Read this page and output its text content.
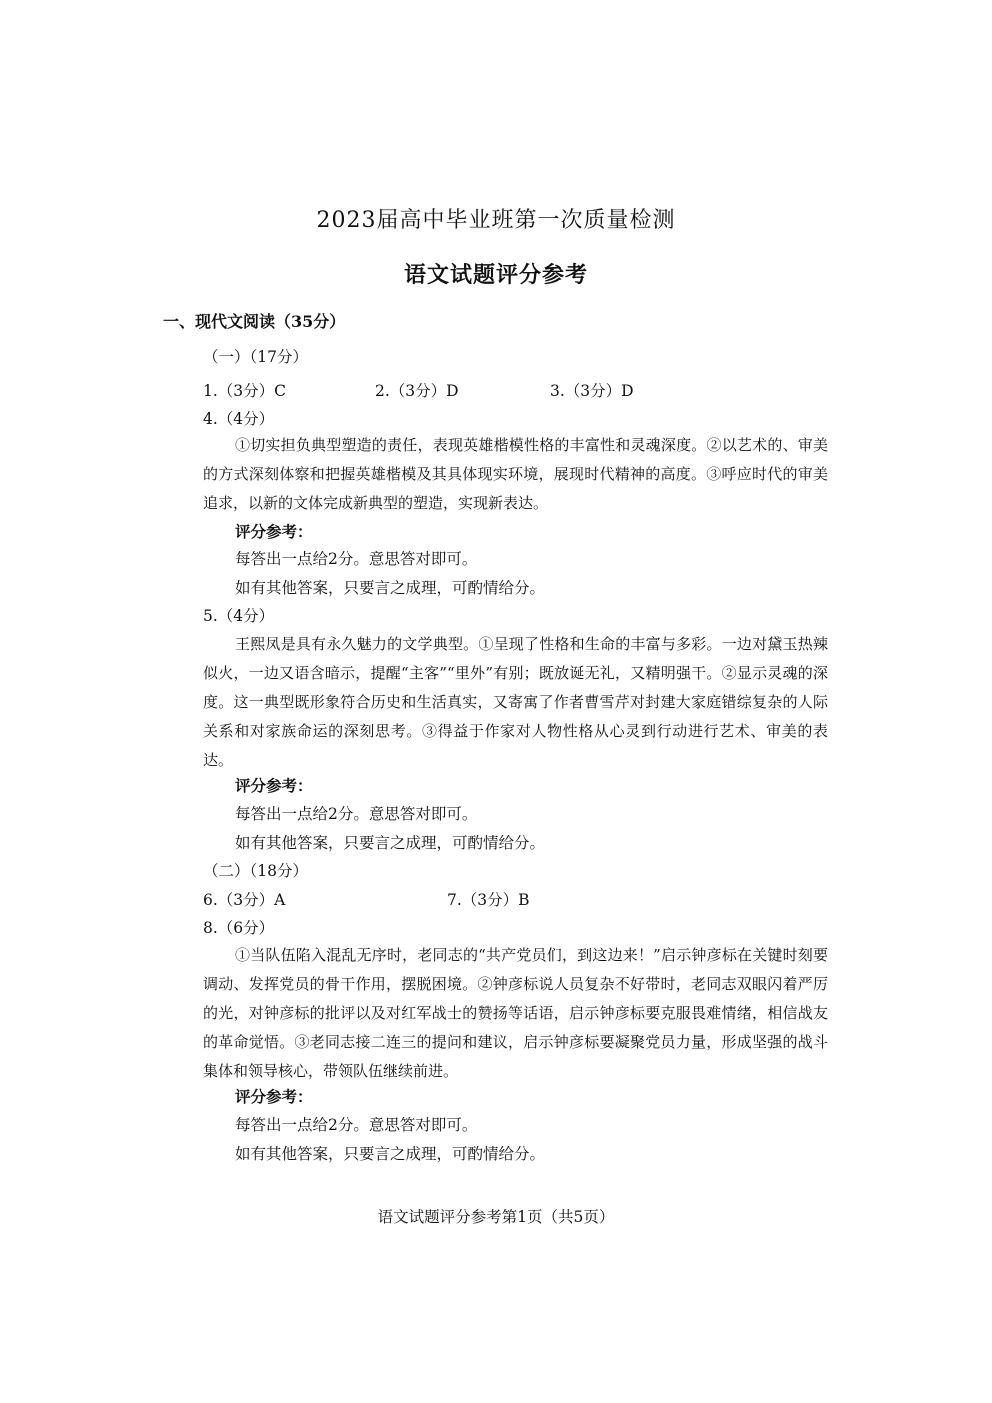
2023届高中毕业班第一次质量检测
语文试题评分参考
一、现代文阅读（35分）
（一）（17分）
1.（3分）C	2.（3分）D	3.（3分）D
4.（4分）
①切实担负典型塑造的责任，表现英雄楷模性格的丰富性和灵魂深度。②以艺术的、审美的方式深刻体察和把握英雄楷模及其具体现实环境，展现时代精神的高度。③呼应时代的审美追求，以新的文体完成新典型的塑造，实现新表达。
评分参考：
每答出一点给2分。意思答对即可。
如有其他答案，只要言之成理，可酌情给分。
5.（4分）
王熙凤是具有永久魅力的文学典型。①呈现了性格和生命的丰富与多彩。一边对黛玉热辣似火，一边又语含暗示，提醒“主客”“里外”有别；既放诞无礼，又精明强干。②显示灵魂的深度。这一典型既形象符合历史和生活真实，又寄寓了作者曹雪芹对封建大家庭错综复杂的人际关系和对家族命运的深刻思考。③得益于作家对人物性格从心灵到行动进行艺术、审美的表达。
评分参考：
每答出一点给2分。意思答对即可。
如有其他答案，只要言之成理，可酌情给分。
（二）（18分）
6.（3分）A	7.（3分）B
8.（6分）
①当队伍陷入混乱无序时，老同志的“共产党员们，到这边来！”启示钟彦标在关键时刻要调动、发挥党员的骨干作用，摆脱困境。②钟彦标说人员复杂不好带时，老同志双眼闪着严厉的光，对钟彦标的批评以及对红军战士的赞扬等话语，启示钟彦标要克服畏难情绪，相信战友的革命觉悟。③老同志接二连三的提问和建议，启示钟彦标要凝聚党员力量，形成坚强的战斗集体和领导核心，带领队伍继续前进。
评分参考：
每答出一点给2分。意思答对即可。
如有其他答案，只要言之成理，可酌情给分。
语文试题评分参考第1页（共5页）
